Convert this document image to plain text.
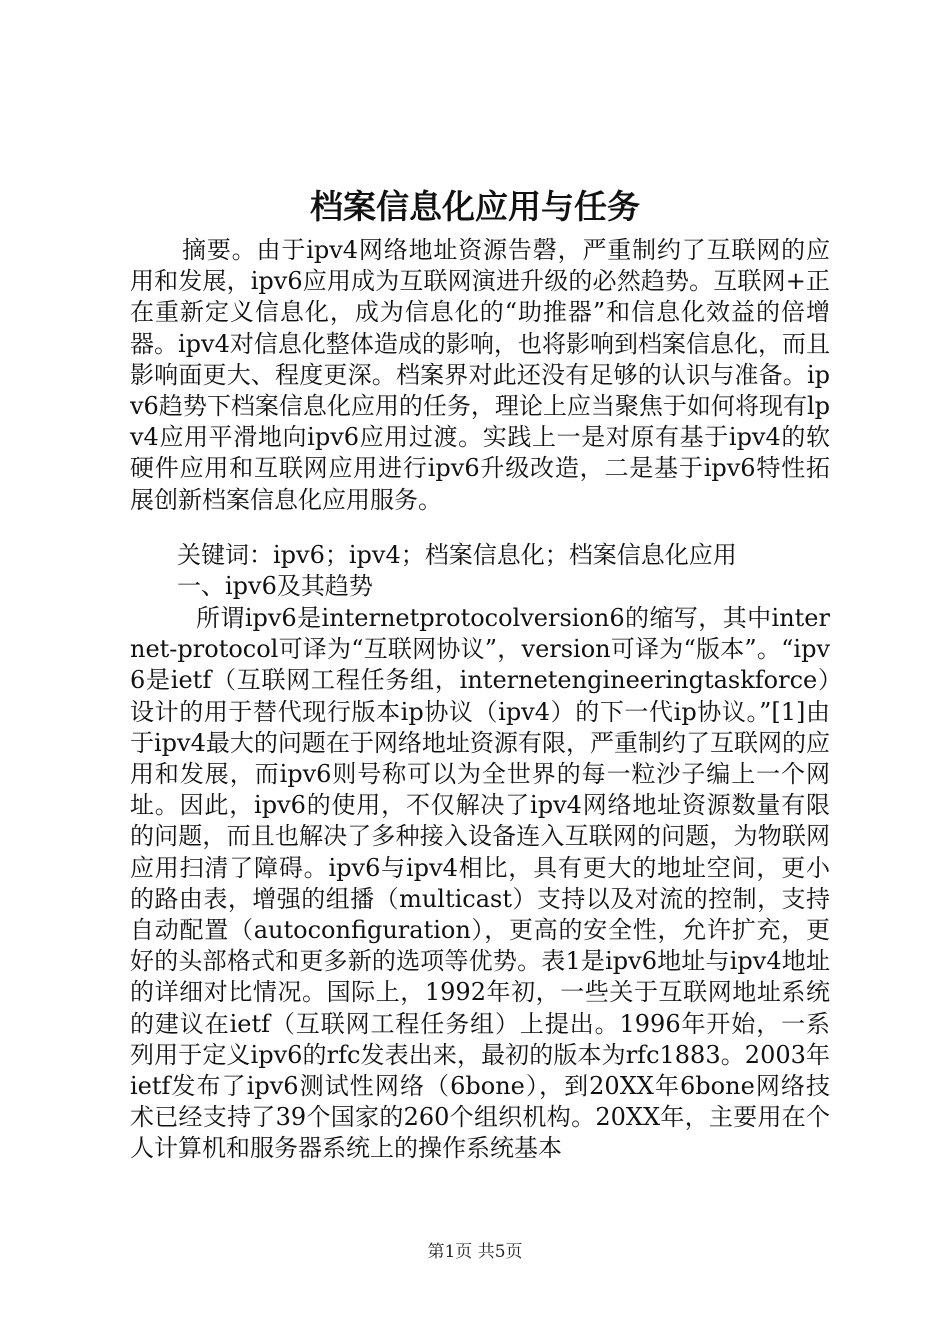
档案信息化应用与任务

摘要。由于ipv4网络地址资源告磬，严重制约了互联网的应用和发展，ipv6应用成为互联网演进升级的必然趋势。互联网+正在重新定义信息化，成为信息化的“助推器”和信息化效益的倍增器。ipv4对信息化整体造成的影响，也将影响到档案信息化，而且影响面更大、程度更深。档案界对此还没有足够的认识与准备。ipv6趋势下档案信息化应用的任务，理论上应当聚焦于如何将现有lpv4应用平滑地向ipv6应用过渡。实践上一是对原有基于ipv4的软硬件应用和互联网应用进行ipv6升级改造，二是基于ipv6特性拓展创新档案信息化应用服务。

关键词：ipv6；ipv4；档案信息化；档案信息化应用

一、ipv6及其趋势

所谓ipv6是internetprotocolversion6的缩写，其中internet-protocol可译为“互联网协议”，version可译为“版本”。“ipv6是ietf（互联网工程任务组，internetengineeringtaskforce）设计的用于替代现行版本ip协议（ipv4）的下一代ip协议。”[1]由于ipv4最大的问题在于网络地址资源有限，严重制约了互联网的应用和发展，而ipv6则号称可以为全世界的每一粒沙子编上一个网址。因此，ipv6的使用，不仅解决了ipv4网络地址资源数量有限的问题，而且也解决了多种接入设备连入互联网的问题，为物联网应用扫清了障碍。ipv6与ipv4相比，具有更大的地址空间，更小的路由表，增强的组播（multicast）支持以及对流的控制，支持自动配置（autoconfiguration），更高的安全性，允许扩充，更好的头部格式和更多新的选项等优势。表1是ipv6地址与ipv4地址的详细对比情况。国际上，1992年初，一些关于互联网地址系统的建议在ietf（互联网工程任务组）上提出。1996年开始，一系列用于定义ipv6的rfc发表出来，最初的版本为rfc1883。2003年ietf发布了ipv6测试性网络（6bone），到20XX年6bone网络技术已经支持了39个国家的260个组织机构。20XX年，主要用在个人计算机和服务器系统上的操作系统基本

第1页 共5页
